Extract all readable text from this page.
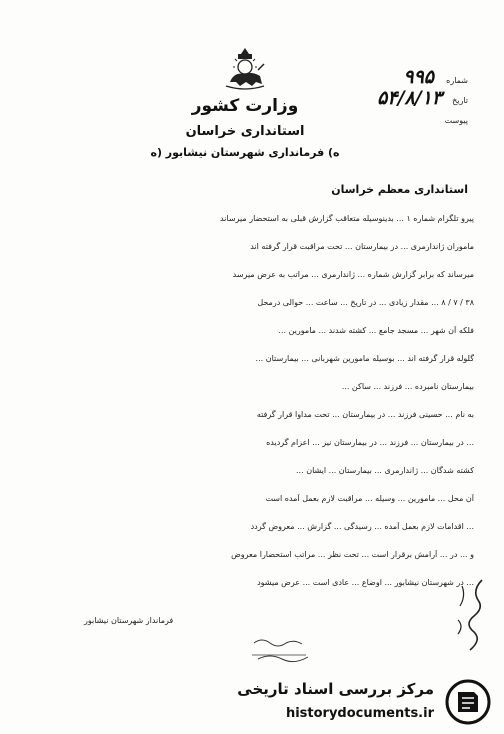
وزارت کشور
استانداری خراسان
ه) فرمانداری شهرستان نیشابور (ه
شماره
۹۹۵
تاریخ
۵۴/۸/۱۳
پیوست
استانداری معظم خراسان
پیرو تلگرام شماره ۱ ... بدینوسیله متعاقب گزارش قبلی به استحضار میرساند
ماموران ژاندارمری ... در بیمارستان ... تحت مراقبت قرار گرفته اند
میرساند که برابر گزارش شماره ... ژاندارمری ... مراتب به عرض میرسد
۳۸ / ۷ / ۸ ... مقدار زیادی ... در تاریخ ... ساعت ... حوالی درمحل
فلکه آن شهر ... مسجد جامع ... کشته شدند ... مامورین ...
گلوله قرار گرفته اند ... بوسیله مامورین شهربانی ... بیمارستان ...
بیمارستان نامبرده ... فرزند ... ساکن ...
به نام ... حسینی فرزند ... در بیمارستان ... تحت مداوا قرار گرفته
... در بیمارستان ... فرزند ... در بیمارستان نیز ... اعزام گردیده
کشته شدگان ... ژاندارمری ... بیمارستان ... ایشان ...
آن محل ... مامورین ... وسیله ... مراقبت لازم بعمل آمده است
... اقدامات لازم بعمل آمده ... رسیدگی ... گزارش ... معروض گردد
و ... در ... آرامش برقرار است ... تحت نظر ... مراتب استحضاراً معروض
... در شهرستان نیشابور ... اوضاع ... عادی است ... عرض میشود
فرماندار شهرستان نیشابور
مرکز بررسی اسناد تاریخی
historydocuments.ir
